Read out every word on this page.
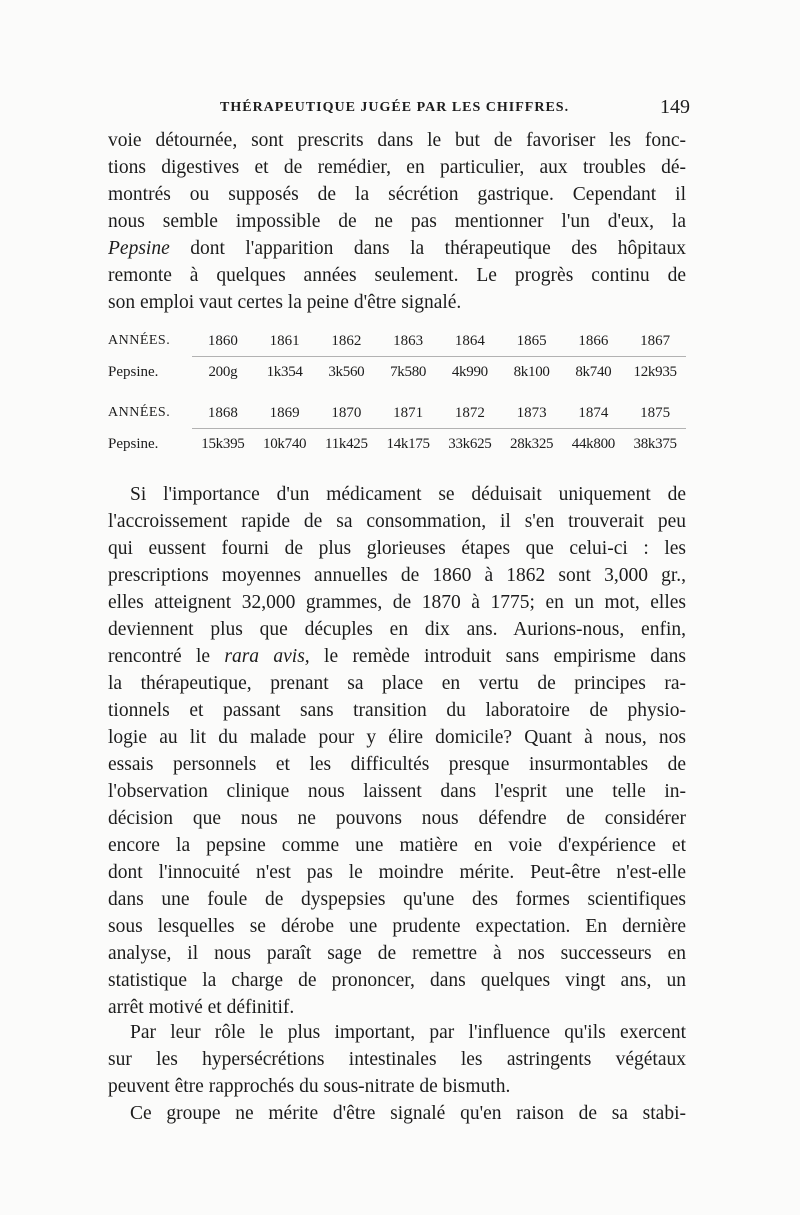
THÉRAPEUTIQUE JUGÉE PAR LES CHIFFRES.	149
voie détournée, sont prescrits dans le but de favoriser les fonc-
tions digestives et de remédier, en particulier, aux troubles dé-
montrés ou supposés de la sécrétion gastrique. Cependant il
nous semble impossible de ne pas mentionner l'un d'eux, la
Pepsine dont l'apparition dans la thérapeutique des hôpitaux
remonte à quelques années seulement. Le progrès continu de
son emploi vaut certes la peine d'être signalé.
ANNÉES.	1860	1861	1862	1863	1864	1865	1866	1867
Pepsine.	200g	1k354	3k560	7k580	4k990	8k100	8k740	12k935
ANNÉES.	1868	1869	1870	1871	1872	1873	1874	1875
Pepsine.	15k395	10k740	11k425	14k175	33k625	28k325	44k800	38k375
Si l'importance d'un médicament se déduisait uniquement de
l'accroissement rapide de sa consommation, il s'en trouverait peu
qui eussent fourni de plus glorieuses étapes que celui-ci : les
prescriptions moyennes annuelles de 1860 à 1862 sont 3,000 gr.,
elles atteignent 32,000 grammes, de 1870 à 1775; en un mot, elles
deviennent plus que décuples en dix ans. Aurions-nous, enfin,
rencontré le rara avis, le remède introduit sans empirisme dans
la thérapeutique, prenant sa place en vertu de principes ra-
tionnels et passant sans transition du laboratoire de physio-
logie au lit du malade pour y élire domicile? Quant à nous, nos
essais personnels et les difficultés presque insurmontables de
l'observation clinique nous laissent dans l'esprit une telle in-
décision que nous ne pouvons nous défendre de considérer
encore la pepsine comme une matière en voie d'expérience et
dont l'innocuité n'est pas le moindre mérite. Peut-être n'est-elle
dans une foule de dyspepsies qu'une des formes scientifiques
sous lesquelles se dérobe une prudente expectation. En dernière
analyse, il nous paraît sage de remettre à nos successeurs en
statistique la charge de prononcer, dans quelques vingt ans, un
arrêt motivé et définitif.
Par leur rôle le plus important, par l'influence qu'ils exercent
sur les hypersécrétions intestinales les astringents végétaux
peuvent être rapprochés du sous-nitrate de bismuth.
Ce groupe ne mérite d'être signalé qu'en raison de sa stabi-
